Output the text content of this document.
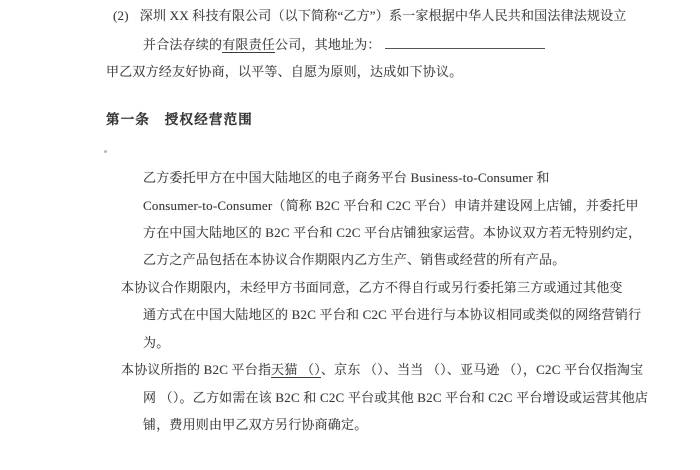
(2) 深圳 XX 科技有限公司（以下简称“乙方”）系一家根据中华人民共和国法律法规设立
并合法存续的有限责任公司，其地址为：
甲乙双方经友好协商，以平等、自愿为原则，达成如下协议。
第一条　授权经营范围
乙方委托甲方在中国大陆地区的电子商务平台 Business-to-Consumer 和
Consumer-to-Consumer（简称 B2C 平台和 C2C 平台）申请并建设网上店铺，并委托甲
方在中国大陆地区的 B2C 平台和 C2C 平台店铺独家运营。本协议双方若无特别约定，
乙方之产品包括在本协议合作期限内乙方生产、销售或经营的所有产品。
本协议合作期限内，未经甲方书面同意，乙方不得自行或另行委托第三方或通过其他变
通方式在中国大陆地区的 B2C 平台和 C2C 平台进行与本协议相同或类似的网络营销行
为。
本协议所指的 B2C 平台指天猫 （）、京东 （）、当当 （）、亚马逊 （），C2C 平台仅指淘宝
网 （）。乙方如需在该 B2C 和 C2C 平台或其他 B2C 平台和 C2C 平台增设或运营其他店
铺，费用则由甲乙双方另行协商确定。
